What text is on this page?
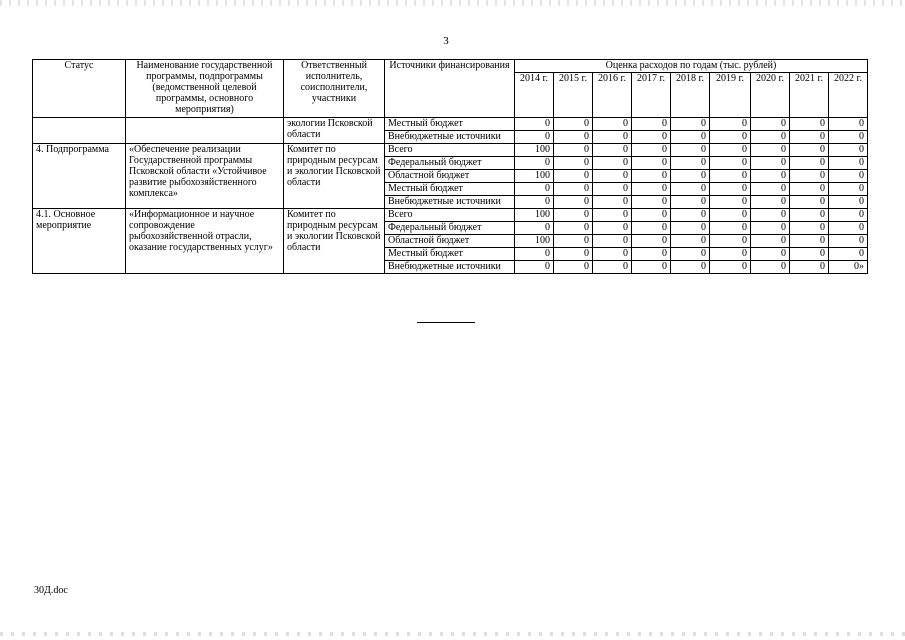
3
Статус	Наименование государственной программы, подпрограммы (ведомственной целевой программы, основного мероприятия)	Ответственный исполнитель, соисполнители, участники	Источники финансирования	Оценка расходов по годам (тыс. рублей)								
				2014 г.	2015 г.	2016 г.	2017 г.	2018 г.	2019 г.	2020 г.	2021 г.	2022 г.
		экологии Псковской области	Местный бюджет	0	0	0	0	0	0	0	0	0
			Внебюджетные источники	0	0	0	0	0	0	0	0	0
4. Подпрограмма	«Обеспечение реализации Государственной программы Псковской области «Устойчивое развитие рыбохозяйственного комплекса»	Комитет по природным ресурсам и экологии Псковской области	Всего	100	0	0	0	0	0	0	0	0
			Федеральный бюджет	0	0	0	0	0	0	0	0	0
			Областной бюджет	100	0	0	0	0	0	0	0	0
			Местный бюджет	0	0	0	0	0	0	0	0	0
			Внебюджетные источники	0	0	0	0	0	0	0	0	0
4.1. Основное мероприятие	«Информационное и научное сопровождение рыбохозяйственной отрасли, оказание государственных услуг»	Комитет по природным ресурсам и экологии Псковской области	Всего	100	0	0	0	0	0	0	0	0
			Федеральный бюджет	0	0	0	0	0	0	0	0	0
			Областной бюджет	100	0	0	0	0	0	0	0	0
			Местный бюджет	0	0	0	0	0	0	0	0	0
			Внебюджетные источники	0	0	0	0	0	0	0	0	0»
30Д.doc
